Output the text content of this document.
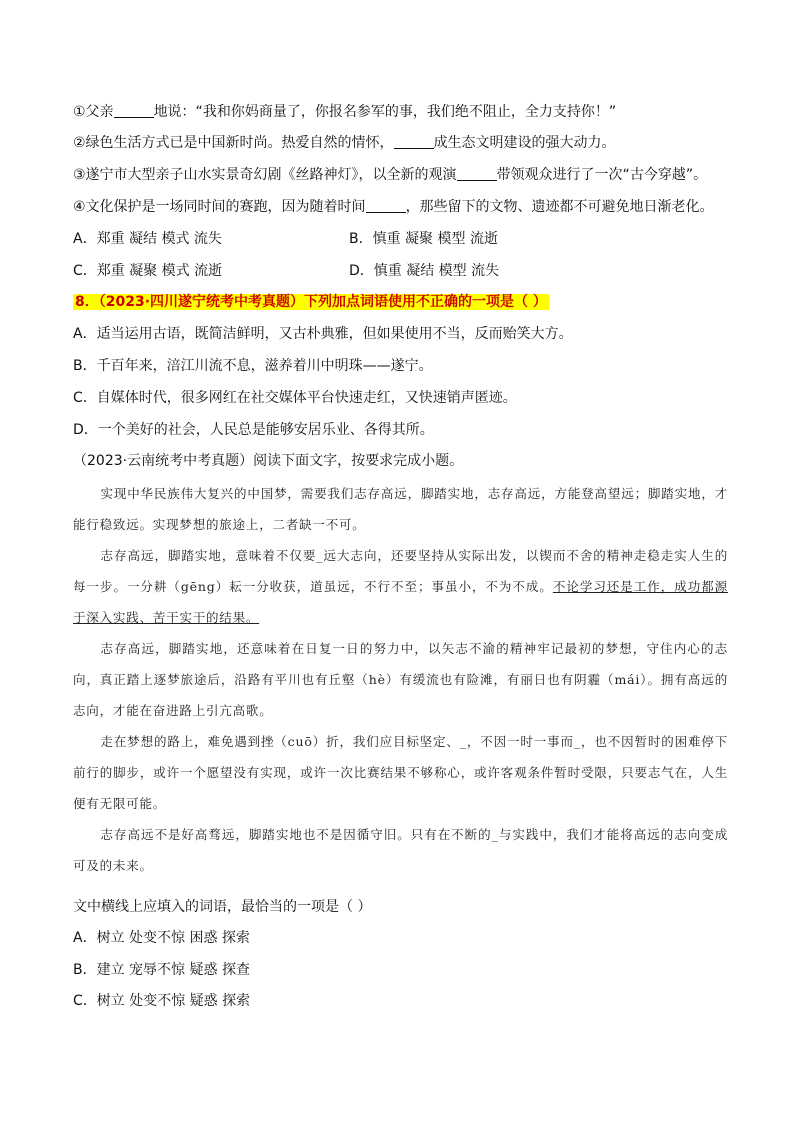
①父亲	地说：“我和你妈商量了，你报名参军的事，我们绝不阻止，全力支持你！”
②绿色生活方式已是中国新时尚。热爱自然的情怀，	成生态文明建设的强大动力。
③遂宁市大型亲子山水实景奇幻剧《丝路神灯》，以全新的观演	带领观众进行了一次“古今穿越”。
④文化保护是一场同时间的赛跑，因为随着时间	，那些留下的文物、遗迹都不可避免地日渐老化。
A．郑重 凝结 模式 流失	B．慎重 凝聚 模型 流逝
C．郑重 凝聚 模式 流逝	D．慎重 凝结 模型 流失
8．（2023·四川遂宁统考中考真题）下列加点词语使用不正确的一项是（ ）
A．适当运用古语，既简洁鲜明，又古朴典雅，但如果使用不当，反而贻笑大方。
B．千百年来，涪江川流不息，滋养着川中明珠——遂宁。
C．自媒体时代，很多网红在社交媒体平台快速走红，又快速销声匿迹。
D．一个美好的社会，人民总是能够安居乐业、各得其所。
（2023·云南统考中考真题）阅读下面文字，按要求完成小题。

实现中华民族伟大复兴的中国梦，需要我们志存高远，脚踏实地，志存高远，方能登高望远；脚踏实地，才能行稳致远。实现梦想的旅途上，二者缺一不可。

志存高远，脚踏实地，意味着不仅要_远大志向，还要坚持从实际出发，以锲而不舍的精神走稳走实人生的每一步。一分耕（gēng）耘一分收获，道虽远，不行不至；事虽小，不为不成。不论学习还是工作，成功都源于深入实践、苦干实干的结果。

志存高远，脚踏实地，还意味着在日复一日的努力中，以矢志不渝的精神牢记最初的梦想，守住内心的志向，真正踏上逐梦旅途后，沿路有平川也有丘壑（hè）有缓流也有险滩，有丽日也有阴霾（mái）。拥有高远的志向，才能在奋进路上引亢高歌。

走在梦想的路上，难免遇到挫（cuō）折，我们应目标坚定、_，不因一时一事而_，也不因暂时的困难停下前行的脚步，或许一个愿望没有实现，或许一次比赛结果不够称心，或许客观条件暂时受限，只要志气在，人生便有无限可能。

志存高远不是好高骛远，脚踏实地也不是因循守旧。只有在不断的_与实践中，我们才能将高远的志向变成可及的未来。

文中横线上应填入的词语，最恰当的一项是（ ）
A．树立 处变不惊 困惑 探索
B．建立 宠辱不惊 疑惑 探查
C．树立 处变不惊 疑惑 探索
